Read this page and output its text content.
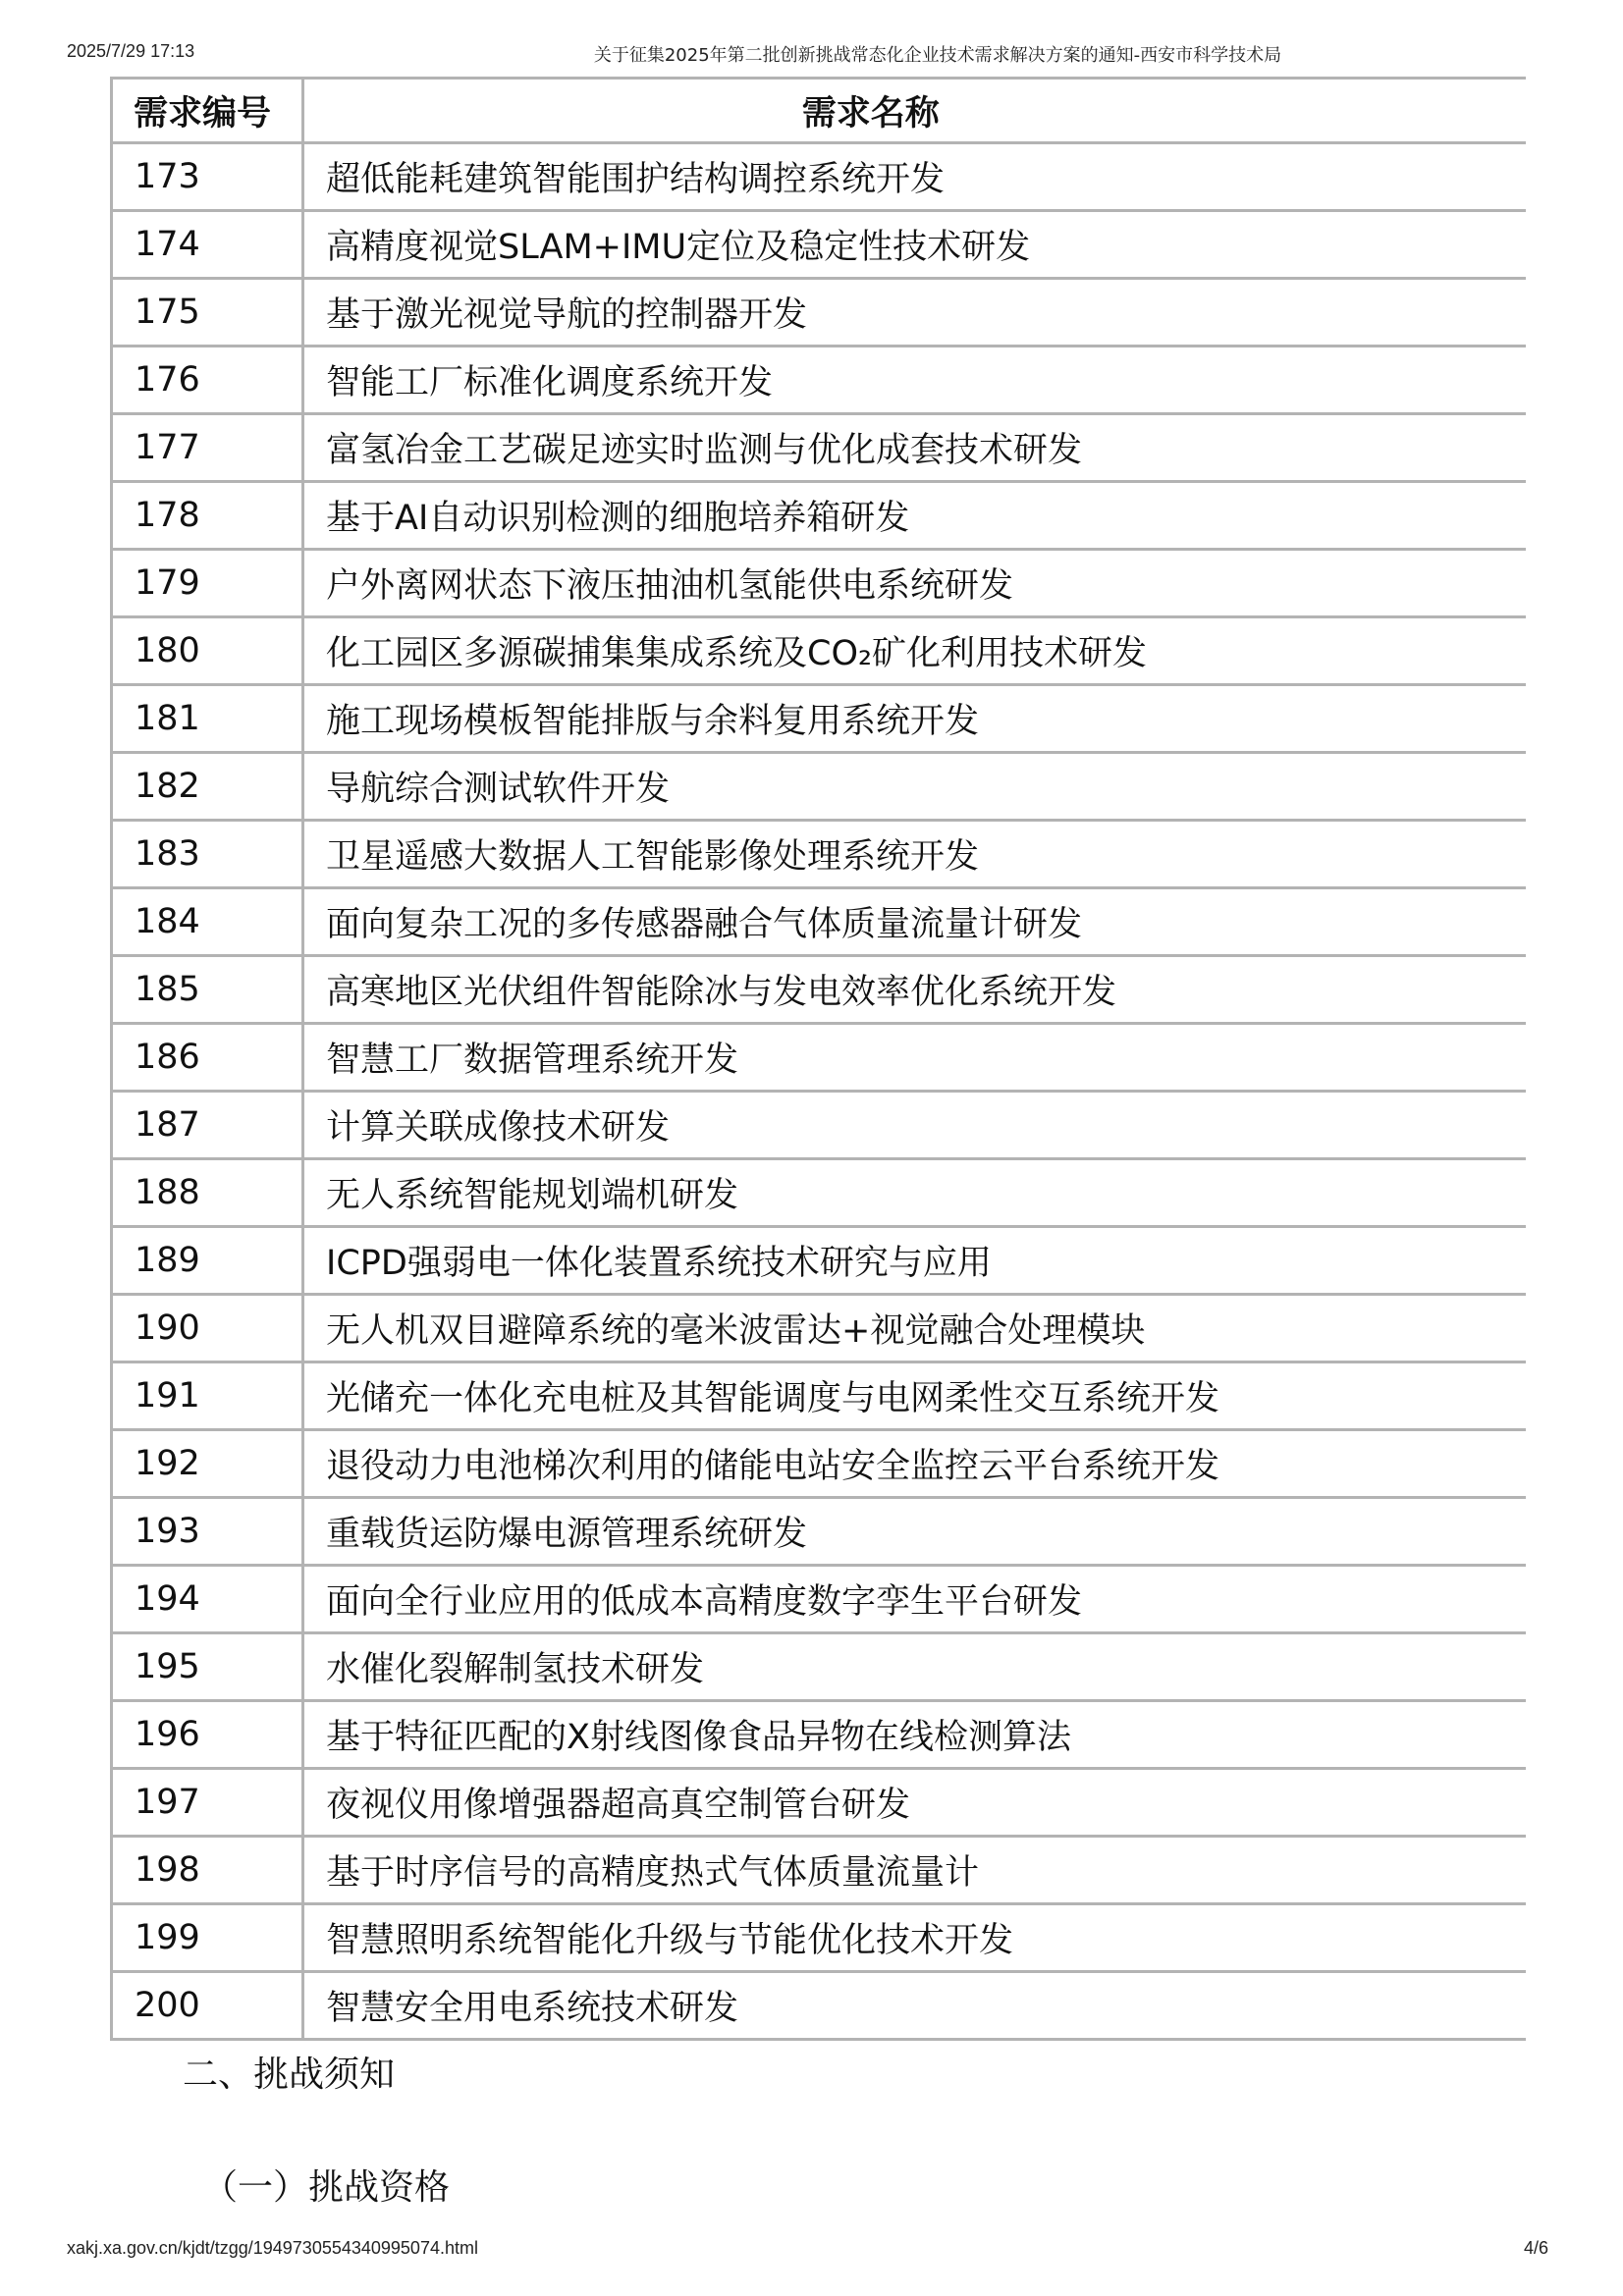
2025/7/29 17:13	关于征集2025年第二批创新挑战常态化企业技术需求解决方案的通知-西安市科学技术局
需求编号	需求名称
173	超低能耗建筑智能围护结构调控系统开发
174	高精度视觉SLAM+IMU定位及稳定性技术研发
175	基于激光视觉导航的控制器开发
176	智能工厂标准化调度系统开发
177	富氢冶金工艺碳足迹实时监测与优化成套技术研发
178	基于AI自动识别检测的细胞培养箱研发
179	户外离网状态下液压抽油机氢能供电系统研发
180	化工园区多源碳捕集集成系统及CO₂矿化利用技术研发
181	施工现场模板智能排版与余料复用系统开发
182	导航综合测试软件开发
183	卫星遥感大数据人工智能影像处理系统开发
184	面向复杂工况的多传感器融合气体质量流量计研发
185	高寒地区光伏组件智能除冰与发电效率优化系统开发
186	智慧工厂数据管理系统开发
187	计算关联成像技术研发
188	无人系统智能规划端机研发
189	ICPD强弱电一体化装置系统技术研究与应用
190	无人机双目避障系统的毫米波雷达+视觉融合处理模块
191	光储充一体化充电桩及其智能调度与电网柔性交互系统开发
192	退役动力电池梯次利用的储能电站安全监控云平台系统开发
193	重载货运防爆电源管理系统研发
194	面向全行业应用的低成本高精度数字孪生平台研发
195	水催化裂解制氢技术研发
196	基于特征匹配的X射线图像食品异物在线检测算法
197	夜视仪用像增强器超高真空制管台研发
198	基于时序信号的高精度热式气体质量流量计
199	智慧照明系统智能化升级与节能优化技术开发
200	智慧安全用电系统技术研发
二、挑战须知
（一）挑战资格
xakj.xa.gov.cn/kjdt/tzgg/1949730554340995074.html	4/6
